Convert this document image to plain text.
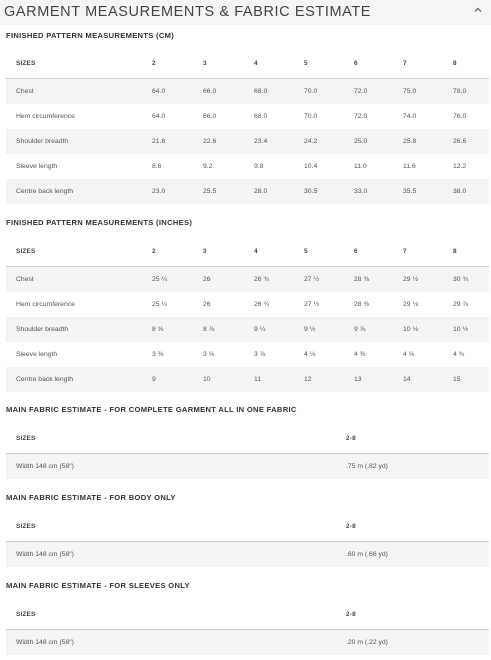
GARMENT MEASUREMENTS & FABRIC ESTIMATE
FINISHED PATTERN MEASUREMENTS (CM)
SIZES	2	3	4	5	6	7	8
Chest	64.0	66.0	68.0	70.0	72.0	75.0	78.0
Hem circumference	64.0	66.0	68.0	70.0	72.0	74.0	76.0
Shoulder breadth	21.8	22.6	23.4	24.2	25.0	25.8	26.6
Sleeve length	8.6	9.2	9.8	10.4	11.0	11.6	12.2
Centre back length	23.0	25.5	28.0	30.5	33.0	35.5	38.0
FINISHED PATTERN MEASUREMENTS (INCHES)
SIZES	2	3	4	5	6	7	8
Chest	25 ¼	26	26 ¾	27 ½	28 ⅜	29 ½	30 ¾
Hem circumference	25 ¼	26	26 ¾	27 ½	28 ⅜	29 ⅛	29 ⅞
Shoulder breadth	8 ⅝	8 ⅞	9 ¼	9 ½	9 ⅞	10 ⅛	10 ½
Sleeve length	3 ⅜	3 ⅝	3 ⅞	4 ⅛	4 ⅜	4 ⅝	4 ¾
Centre back length	9	10	11	12	13	14	15
MAIN FABRIC ESTIMATE - FOR COMPLETE GARMENT ALL IN ONE FABRIC
SIZES	2-8
Width 148 cm (58")	.75 m (.82 yd)
MAIN FABRIC ESTIMATE - FOR BODY ONLY
SIZES	2-8
Width 148 cm (58")	.60 m (.66 yd)
MAIN FABRIC ESTIMATE - FOR SLEEVES ONLY
SIZES	2-8
Width 148 cm (58")	.20 m (.22 yd)
